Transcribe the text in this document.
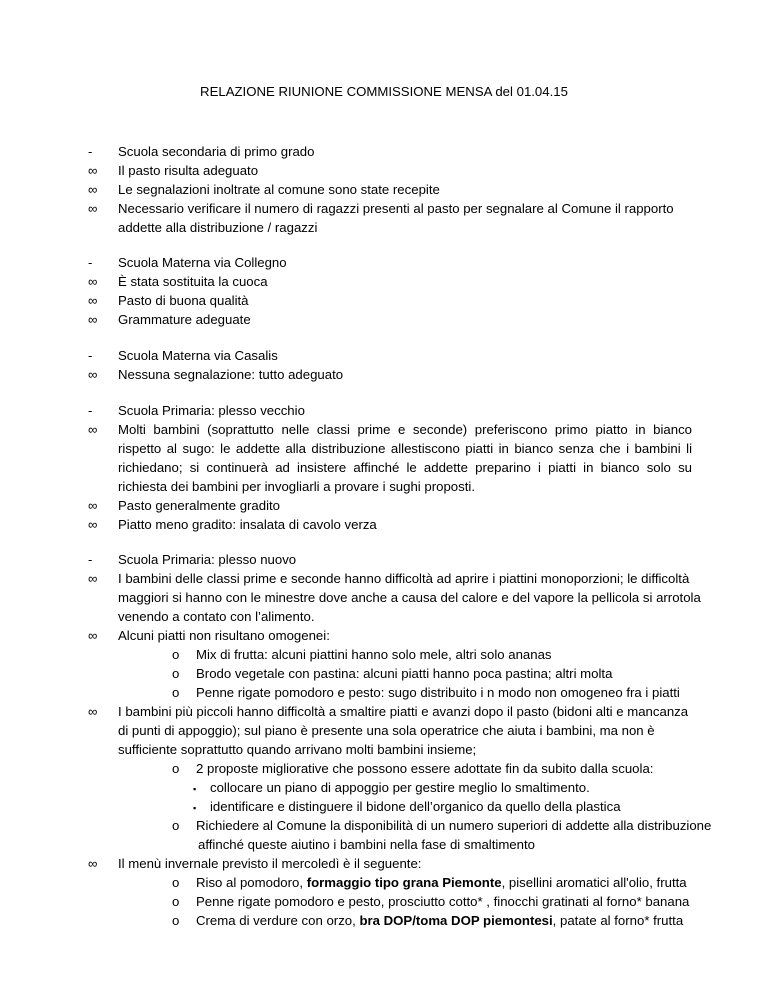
RELAZIONE RIUNIONE COMMISSIONE MENSA del 01.04.15
-	Scuola secondaria di primo grado
∞	Il pasto risulta adeguato
∞	Le segnalazioni inoltrate al comune sono state recepite
∞	Necessario verificare il numero di ragazzi presenti al pasto per segnalare al Comune il rapporto
addette alla distribuzione / ragazzi
-	Scuola Materna via Collegno
∞	È stata sostituita la cuoca
∞	Pasto di buona qualità
∞	Grammature adeguate
-	Scuola Materna via Casalis
∞	Nessuna segnalazione: tutto adeguato
-	Scuola Primaria: plesso vecchio
∞	Molti bambini (soprattutto nelle classi prime e seconde) preferiscono primo piatto in bianco
rispetto al sugo: le addette alla distribuzione allestiscono piatti in bianco senza che i bambini li
richiedano; si continuerà ad insistere affinché le addette preparino i piatti in bianco solo su
richiesta dei bambini per invogliarli a provare i sughi proposti.
∞	Pasto generalmente gradito
∞	Piatto meno gradito: insalata di cavolo verza
-	Scuola Primaria: plesso nuovo
∞	I bambini delle classi prime e seconde hanno difficoltà ad aprire i piattini monoporzioni; le difficoltà
maggiori si hanno con le minestre dove anche a causa del calore e del vapore la pellicola si arrotola
venendo a contato con l’alimento.
∞	Alcuni piatti non risultano omogenei:
o Mix di frutta: alcuni piattini hanno solo mele, altri solo ananas
o Brodo vegetale con pastina: alcuni piatti hanno poca pastina; altri molta
o Penne rigate pomodoro e pesto: sugo distribuito i n modo non omogeneo fra i piatti
∞	I bambini più piccoli hanno difficoltà a smaltire piatti e avanzi dopo il pasto (bidoni alti e mancanza
di punti di appoggio); sul piano è presente una sola operatrice che aiuta i bambini, ma non è
sufficiente soprattutto quando arrivano molti bambini insieme;
o 2 proposte migliorative che possono essere adottate fin da subito dalla scuola:
▪ collocare un piano di appoggio per gestire meglio lo smaltimento.
▪ identificare e distinguere il bidone dell’organico da quello della plastica
o Richiedere al Comune la disponibilità di un numero superiori di addette alla distribuzione
affinché queste aiutino i bambini nella fase di smaltimento
∞	Il menù invernale previsto il mercoledì è il seguente:
o Riso al pomodoro, formaggio tipo grana Piemonte, pisellini aromatici all'olio, frutta
o Penne rigate pomodoro e pesto, prosciutto cotto* , finocchi gratinati al forno* banana
o Crema di verdure con orzo, bra DOP/toma DOP piemontesi, patate al forno* frutta
